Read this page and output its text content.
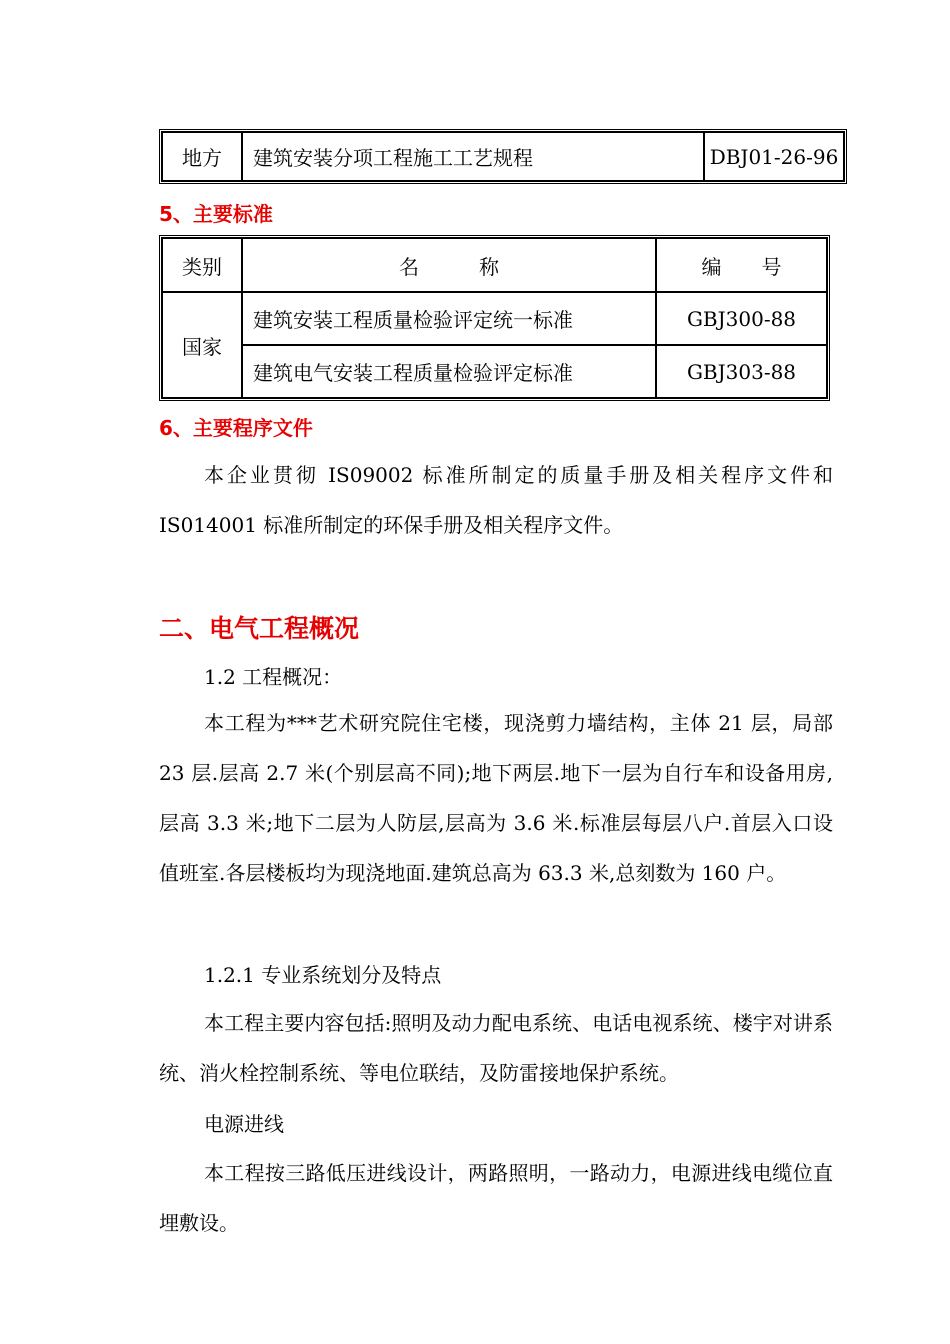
地方	建筑安装分项工程施工工艺规程	DBJ01-26-96
5、主要标准
类别	名　　　称	编　　号
国家	建筑安装工程质量检验评定统一标准	GBJ300-88
	建筑电气安装工程质量检验评定标准	GBJ303-88
6、主要程序文件

本企业贯彻 IS09002 标准所制定的质量手册及相关程序文件和 IS014001 标准所制定的环保手册及相关程序文件。

二、电气工程概况

1.2 工程概况：

本工程为***艺术研究院住宅楼，现浇剪力墙结构，主体 21 层，局部 23 层.层高 2.7 米(个别层高不同);地下两层.地下一层为自行车和设备用房,层高 3.3 米;地下二层为人防层,层高为 3.6 米.标准层每层八户.首层入口设值班室.各层楼板均为现浇地面.建筑总高为 63.3 米,总刻数为 160 户。

1.2.1 专业系统划分及特点

本工程主要内容包括:照明及动力配电系统、电话电视系统、楼宇对讲系统、消火栓控制系统、等电位联结，及防雷接地保护系统。

电源进线

本工程按三路低压进线设计，两路照明，一路动力，电源进线电缆位直埋敷设。
